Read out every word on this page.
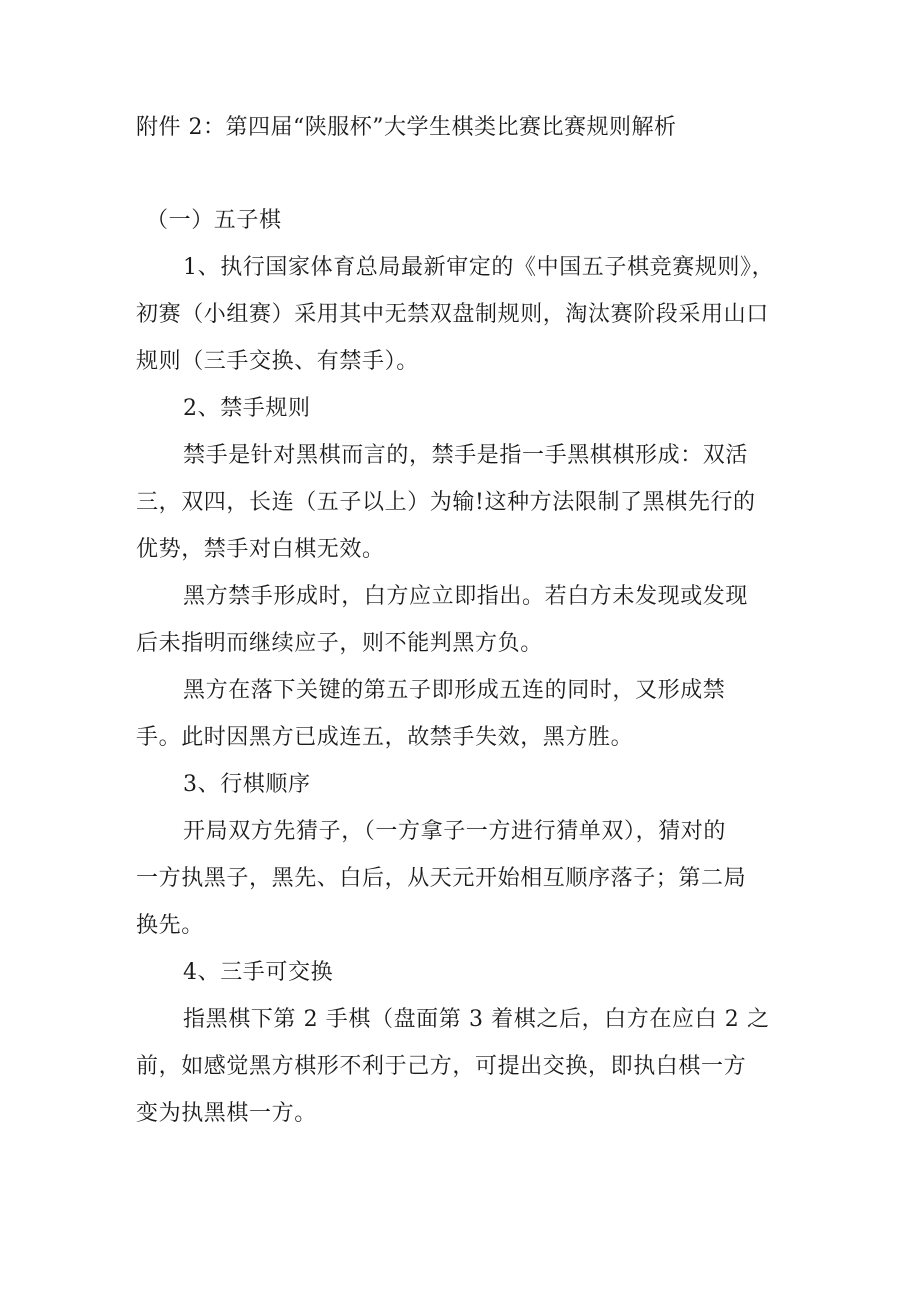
附件 2：第四届“陕服杯”大学生棋类比赛比赛规则解析
（一）五子棋
1、执行国家体育总局最新审定的《中国五子棋竞赛规则》，
初赛（小组赛）采用其中无禁双盘制规则，淘汰赛阶段采用山口
规则（三手交换、有禁手）。
2、禁手规则
禁手是针对黑棋而言的，禁手是指一手黑棋棋形成：双活
三，双四，长连（五子以上）为输!这种方法限制了黑棋先行的
优势，禁手对白棋无效。
黑方禁手形成时，白方应立即指出。若白方未发现或发现
后未指明而继续应子，则不能判黑方负。
黑方在落下关键的第五子即形成五连的同时，又形成禁
手。此时因黑方已成连五，故禁手失效，黑方胜。
3、行棋顺序
开局双方先猜子，（一方拿子一方进行猜单双），猜对的
一方执黑子，黑先、白后，从天元开始相互顺序落子；第二局
换先。
4、三手可交换
指黑棋下第 2 手棋（盘面第 3 着棋之后，白方在应白 2 之
前，如感觉黑方棋形不利于己方，可提出交换，即执白棋一方
变为执黑棋一方。
